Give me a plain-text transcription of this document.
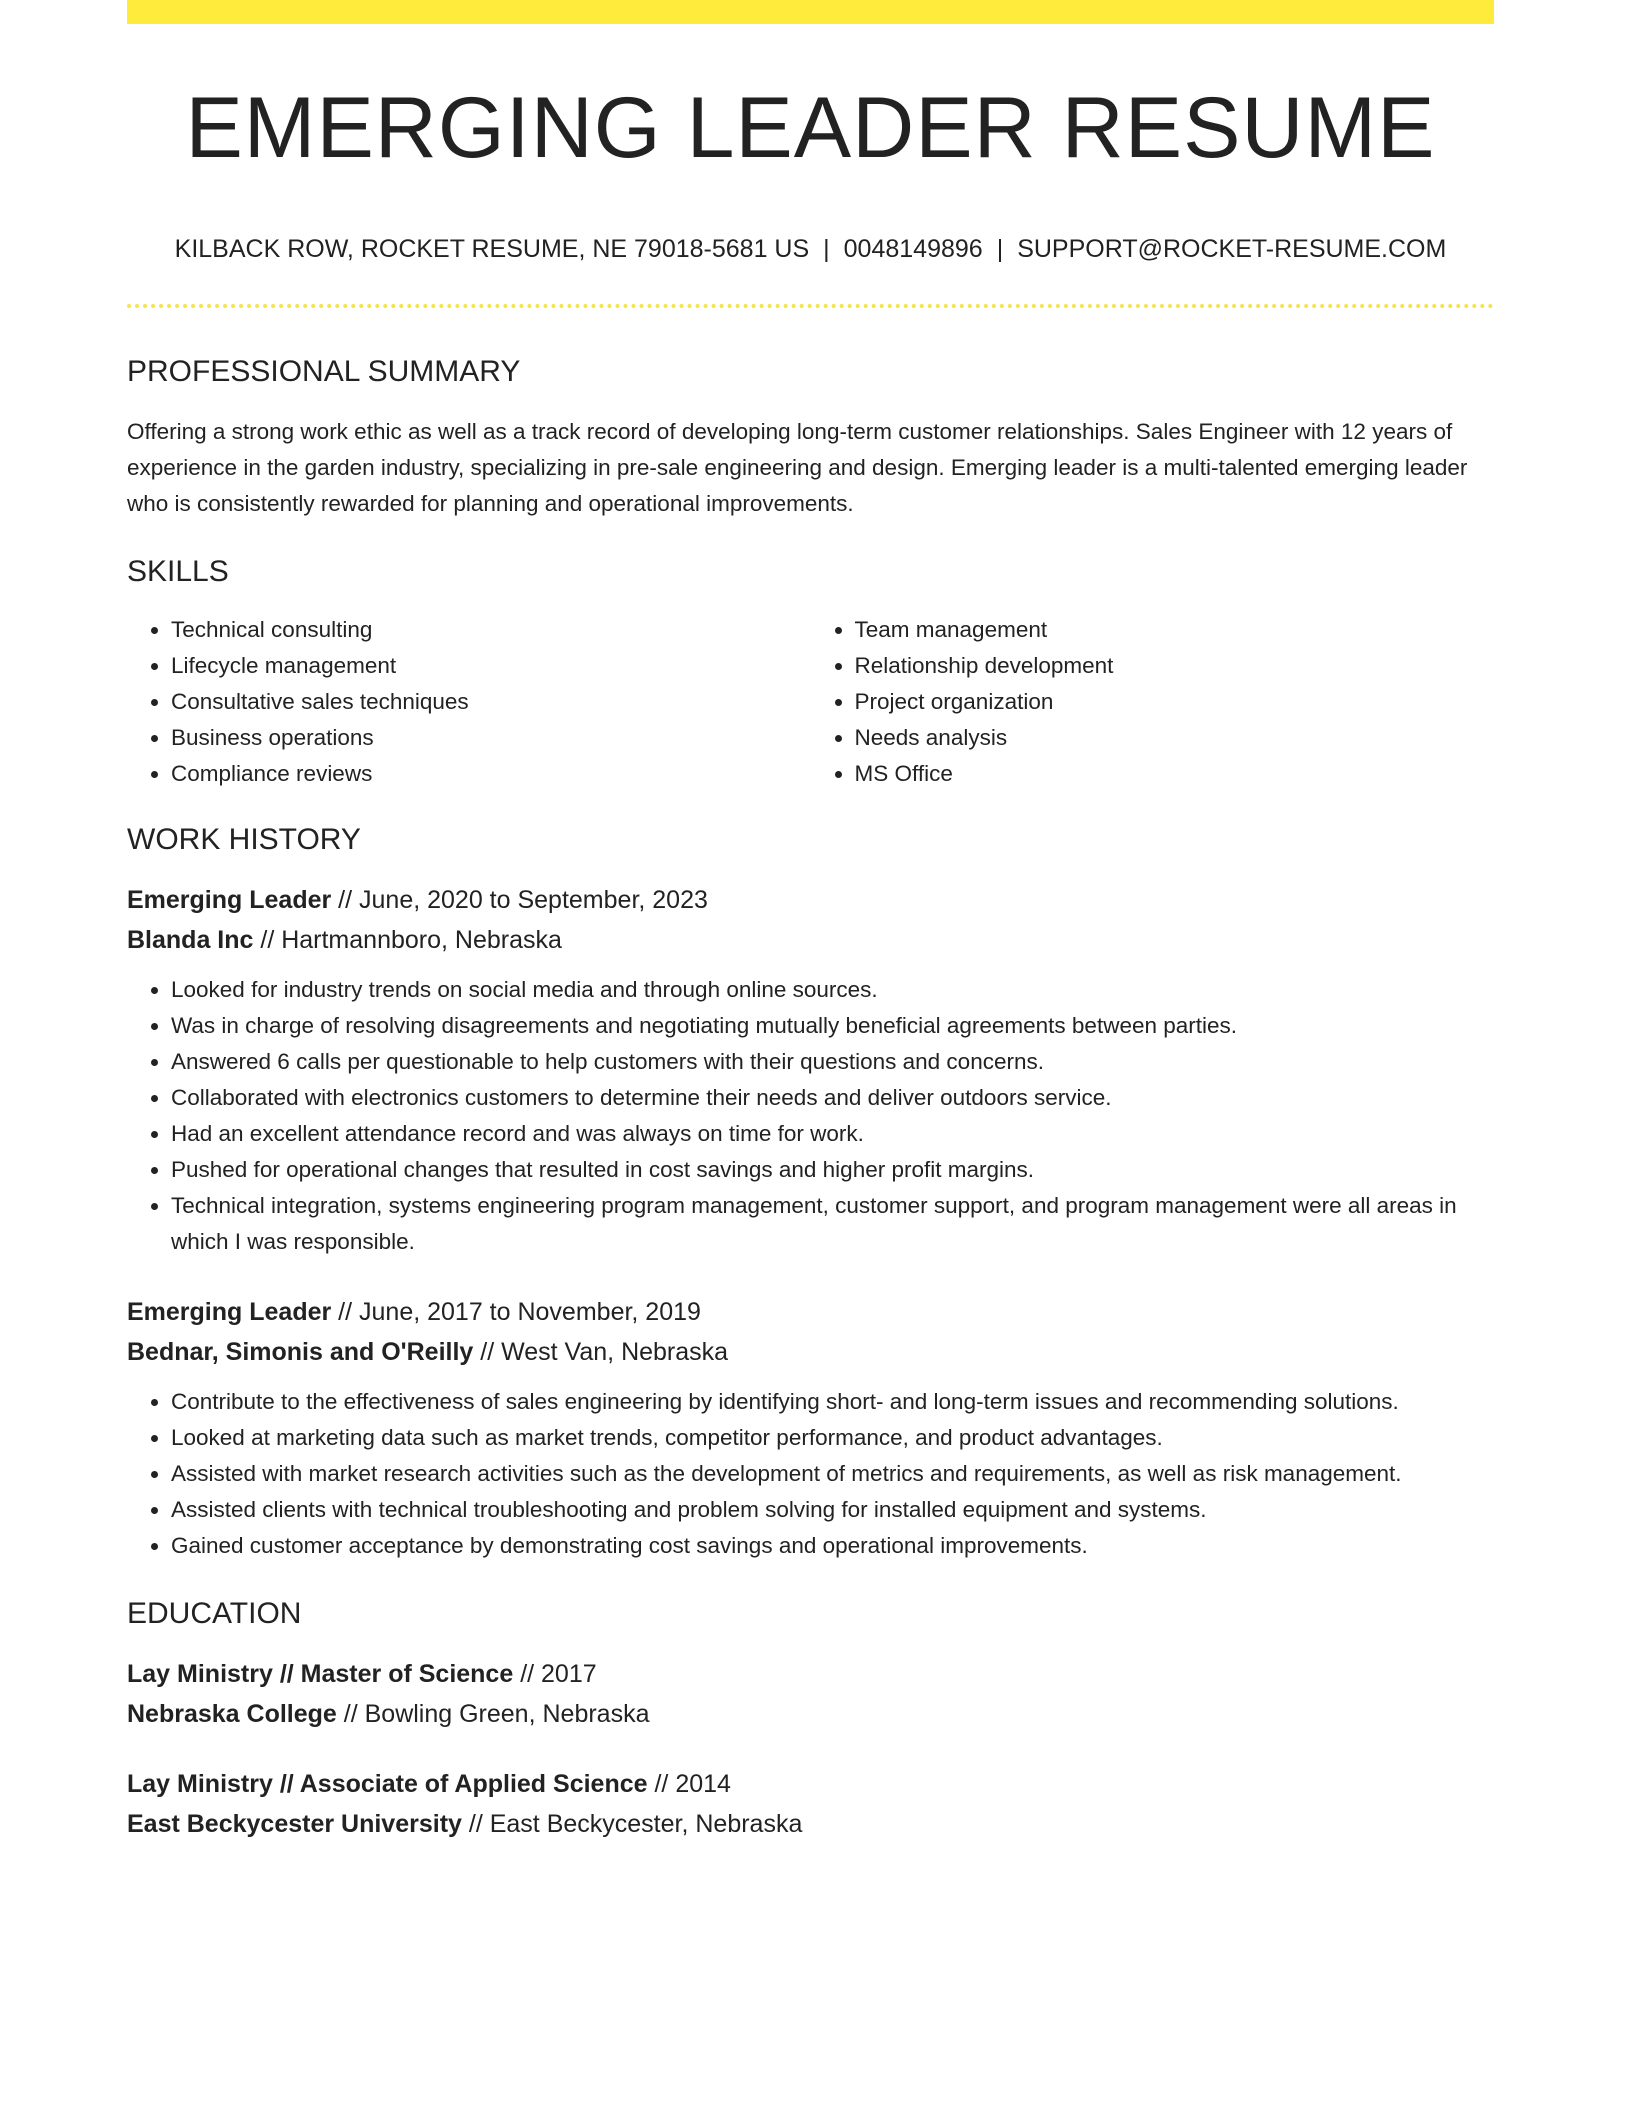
EMERGING LEADER RESUME
KILBACK ROW, ROCKET RESUME, NE 79018-5681 US | 0048149896 | SUPPORT@ROCKET-RESUME.COM
PROFESSIONAL SUMMARY
Offering a strong work ethic as well as a track record of developing long-term customer relationships. Sales Engineer with 12 years of experience in the garden industry, specializing in pre-sale engineering and design. Emerging leader is a multi-talented emerging leader who is consistently rewarded for planning and operational improvements.
SKILLS
• Technical consulting
• Lifecycle management
• Consultative sales techniques
• Business operations
• Compliance reviews
• Team management
• Relationship development
• Project organization
• Needs analysis
• MS Office
WORK HISTORY
Emerging Leader // June, 2020 to September, 2023
Blanda Inc // Hartmannboro, Nebraska
• Looked for industry trends on social media and through online sources.
• Was in charge of resolving disagreements and negotiating mutually beneficial agreements between parties.
• Answered 6 calls per questionable to help customers with their questions and concerns.
• Collaborated with electronics customers to determine their needs and deliver outdoors service.
• Had an excellent attendance record and was always on time for work.
• Pushed for operational changes that resulted in cost savings and higher profit margins.
• Technical integration, systems engineering program management, customer support, and program management were all areas in which I was responsible.
Emerging Leader // June, 2017 to November, 2019
Bednar, Simonis and O'Reilly // West Van, Nebraska
• Contribute to the effectiveness of sales engineering by identifying short- and long-term issues and recommending solutions.
• Looked at marketing data such as market trends, competitor performance, and product advantages.
• Assisted with market research activities such as the development of metrics and requirements, as well as risk management.
• Assisted clients with technical troubleshooting and problem solving for installed equipment and systems.
• Gained customer acceptance by demonstrating cost savings and operational improvements.
EDUCATION
Lay Ministry // Master of Science // 2017
Nebraska College // Bowling Green, Nebraska
Lay Ministry // Associate of Applied Science // 2014
East Beckycester University // East Beckycester, Nebraska
